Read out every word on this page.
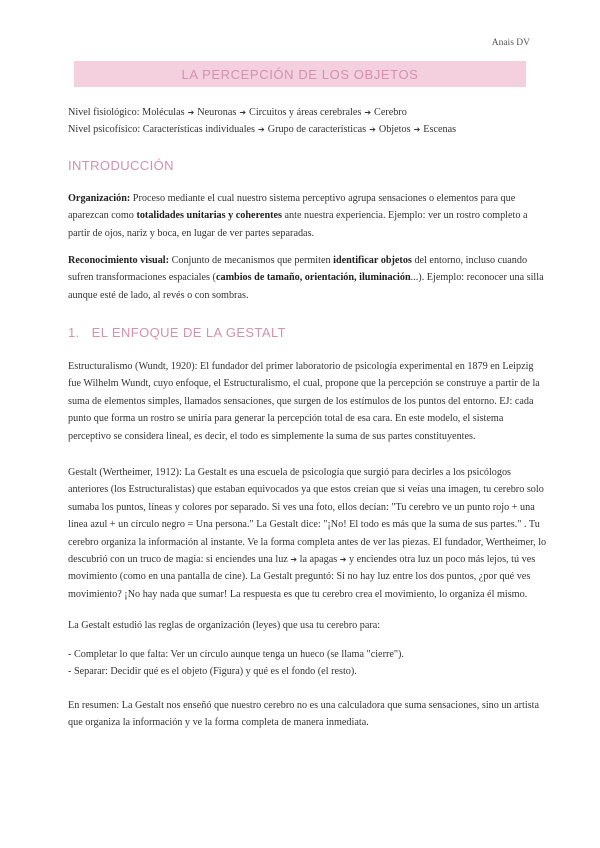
Anais DV
LA PERCEPCIÓN DE LOS OBJETOS
Nivel fisiológico: Moléculas ➔ Neuronas ➔ Circuitos y áreas cerebrales ➔ Cerebro
Nivel psicofísico: Características individuales ➔ Grupo de características ➔ Objetos ➔ Escenas
INTRODUCCIÓN
Organización: Proceso mediante el cual nuestro sistema perceptivo agrupa sensaciones o elementos para que aparezcan como totalidades unitarias y coherentes ante nuestra experiencia. Ejemplo: ver un rostro completo a partir de ojos, nariz y boca, en lugar de ver partes separadas.
Reconocimiento visual: Conjunto de mecanismos que permiten identificar objetos del entorno, incluso cuando sufren transformaciones espaciales (cambios de tamaño, orientación, iluminación...). Ejemplo: reconocer una silla aunque esté de lado, al revés o con sombras.
1. EL ENFOQUE DE LA GESTALT
Estructuralismo (Wundt, 1920): El fundador del primer laboratorio de psicología experimental en 1879 en Leipzig fue Wilhelm Wundt, cuyo enfoque, el Estructuralismo, el cual, propone que la percepción se construye a partir de la suma de elementos simples, llamados sensaciones, que surgen de los estímulos de los puntos del entorno. EJ: cada punto que forma un rostro se uniría para generar la percepción total de esa cara. En este modelo, el sistema perceptivo se considera lineal, es decir, el todo es simplemente la suma de sus partes constituyentes.
Gestalt (Wertheimer, 1912): La Gestalt es una escuela de psicología que surgió para decirles a los psicólogos anteriores (los Estructuralistas) que estaban equivocados ya que estos creían que si veías una imagen, tu cerebro solo sumaba los puntos, líneas y colores por separado. Si ves una foto, ellos decían: "Tu cerebro ve un punto rojo + una línea azul + un círculo negro = Una persona." La Gestalt dice: "¡No! El todo es más que la suma de sus partes." . Tu cerebro organiza la información al instante. Ve la forma completa antes de ver las piezas. El fundador, Wertheimer, lo descubrió con un truco de magia: si enciendes una luz ➔ la apagas ➔ y enciendes otra luz un poco más lejos, tú ves movimiento (como en una pantalla de cine). La Gestalt preguntó: Si no hay luz entre los dos puntos, ¿por qué ves movimiento? ¡No hay nada que sumar! La respuesta es que tu cerebro crea el movimiento, lo organiza él mismo.
La Gestalt estudió las reglas de organización (leyes) que usa tu cerebro para:
- Completar lo que falta: Ver un círculo aunque tenga un hueco (se llama "cierre").
- Separar: Decidir qué es el objeto (Figura) y qué es el fondo (el resto).
En resumen: La Gestalt nos enseñó que nuestro cerebro no es una calculadora que suma sensaciones, sino un artista que organiza la información y ve la forma completa de manera inmediata.
